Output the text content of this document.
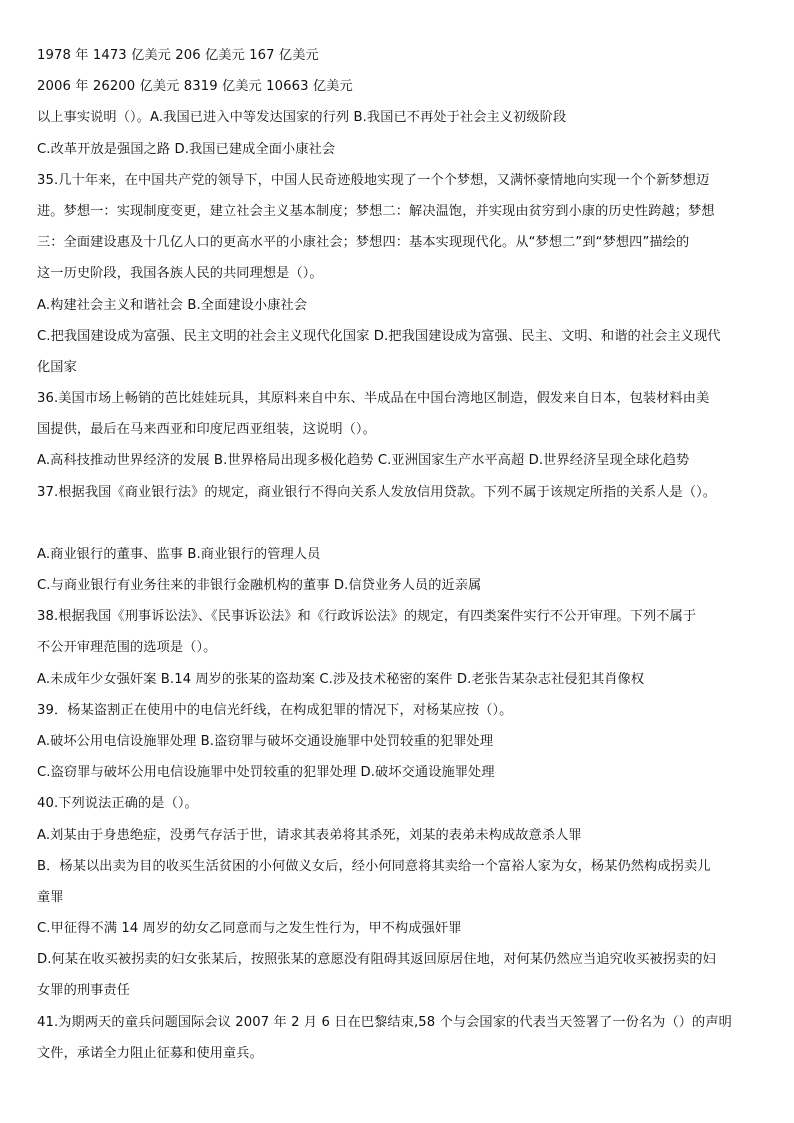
1978 年 1473 亿美元 206 亿美元 167 亿美元
2006 年 26200 亿美元 8319 亿美元 10663 亿美元
以上事实说明（）。A.我国已进入中等发达国家的行列 B.我国已不再处于社会主义初级阶段
C.改革开放是强国之路 D.我国已建成全面小康社会
35.几十年来，在中国共产党的领导下，中国人民奇迹般地实现了一个个梦想，又满怀豪情地向实现一个个新梦想迈
进。梦想一：实现制度变更，建立社会主义基本制度；梦想二：解决温饱，并实现由贫穷到小康的历史性跨越；梦想
三：全面建设惠及十几亿人口的更高水平的小康社会；梦想四：基本实现现代化。从“梦想二”到“梦想四”描绘的
这一历史阶段，我国各族人民的共同理想是（）。
A.构建社会主义和谐社会 B.全面建设小康社会
C.把我国建设成为富强、民主文明的社会主义现代化国家 D.把我国建设成为富强、民主、文明、和谐的社会主义现代
化国家
36.美国市场上畅销的芭比娃娃玩具，其原料来自中东、半成品在中国台湾地区制造，假发来自日本，包装材料由美
国提供，最后在马来西亚和印度尼西亚组装，这说明（）。
A.高科技推动世界经济的发展 B.世界格局出现多极化趋势 C.亚洲国家生产水平高超 D.世界经济呈现全球化趋势
37.根据我国《商业银行法》的规定，商业银行不得向关系人发放信用贷款。下列不属于该规定所指的关系人是（）。
A.商业银行的董事、监事 B.商业银行的管理人员
C.与商业银行有业务往来的非银行金融机构的董事 D.信贷业务人员的近亲属
38.根据我国《刑事诉讼法》、《民事诉讼法》和《行政诉讼法》的规定，有四类案件实行不公开审理。下列不属于
不公开审理范围的选项是（）。
A.未成年少女强奸案 B.14 周岁的张某的盗劫案 C.涉及技术秘密的案件 D.老张告某杂志社侵犯其肖像权
39．杨某盗割正在使用中的电信光纤线，在构成犯罪的情况下，对杨某应按（）。
A.破坏公用电信设施罪处理 B.盗窃罪与破坏交通设施罪中处罚较重的犯罪处理
C.盗窃罪与破坏公用电信设施罪中处罚较重的犯罪处理 D.破坏交通设施罪处理
40.下列说法正确的是（）。
A.刘某由于身患绝症，没勇气存活于世，请求其表弟将其杀死，刘某的表弟未构成故意杀人罪
B．杨某以出卖为目的收买生活贫困的小何做义女后，经小何同意将其卖给一个富裕人家为女，杨某仍然构成拐卖儿
童罪
C.甲征得不满 14 周岁的幼女乙同意而与之发生性行为，甲不构成强奸罪
D.何某在收买被拐卖的妇女张某后，按照张某的意愿没有阻碍其返回原居住地，对何某仍然应当追究收买被拐卖的妇
女罪的刑事责任
41.为期两天的童兵问题国际会议 2007 年 2 月 6 日在巴黎结束,58 个与会国家的代表当天签署了一份名为（）的声明
文件，承诺全力阻止征募和使用童兵。
